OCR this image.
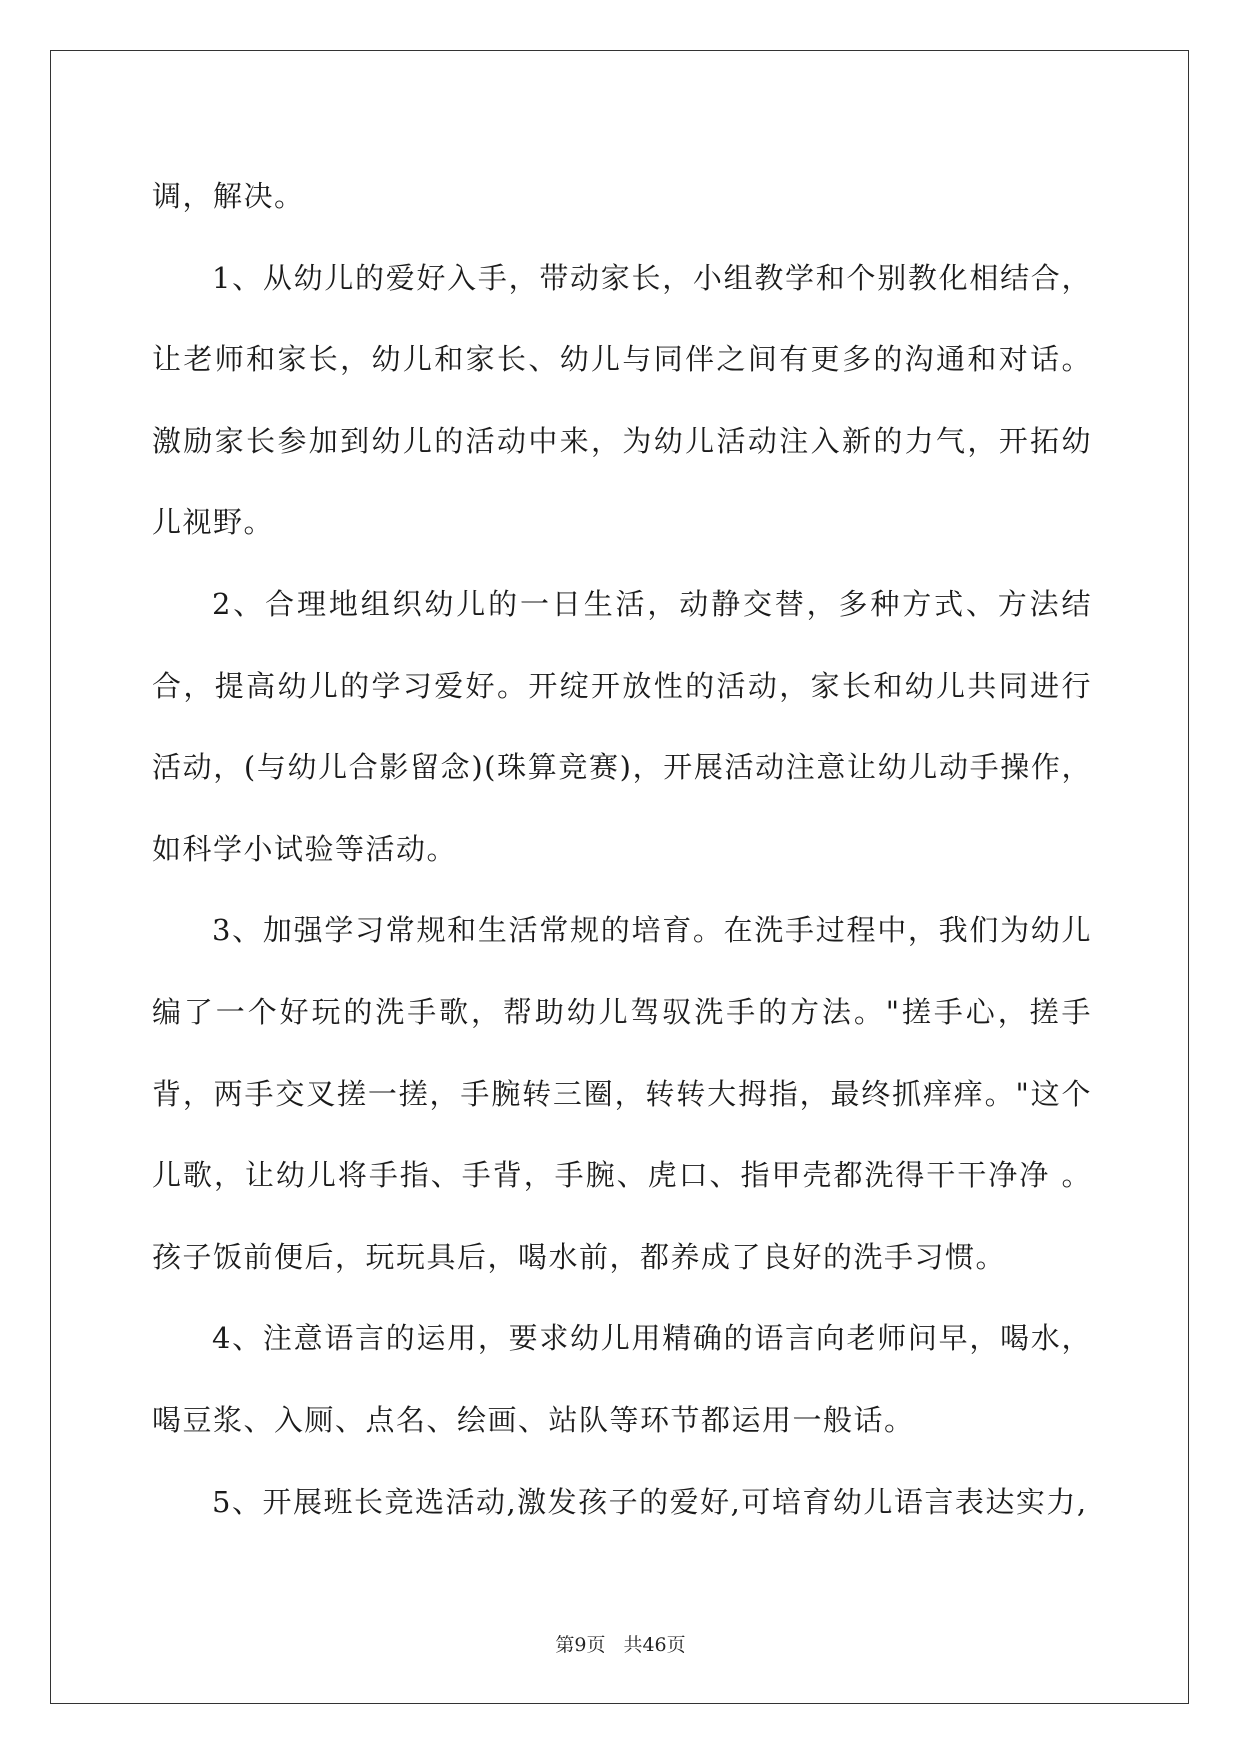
调，解决。

1、从幼儿的爱好入手，带动家长，小组教学和个别教化相结合，让老师和家长，幼儿和家长、幼儿与同伴之间有更多的沟通和对话。激励家长参加到幼儿的活动中来，为幼儿活动注入新的力气，开拓幼儿视野。

2、合理地组织幼儿的一日生活，动静交替，多种方式、方法结合，提高幼儿的学习爱好。开绽开放性的活动，家长和幼儿共同进行活动，(与幼儿合影留念)(珠算竞赛)，开展活动注意让幼儿动手操作，如科学小试验等活动。

3、加强学习常规和生活常规的培育。在洗手过程中，我们为幼儿编了一个好玩的洗手歌，帮助幼儿驾驭洗手的方法。"搓手心，搓手背，两手交叉搓一搓，手腕转三圈，转转大拇指，最终抓痒痒。"这个儿歌，让幼儿将手指、手背，手腕、虎口、指甲壳都洗得干干净净 。孩子饭前便后，玩玩具后，喝水前，都养成了良好的洗手习惯。

4、注意语言的运用，要求幼儿用精确的语言向老师问早，喝水，喝豆浆、入厕、点名、绘画、站队等环节都运用一般话。

5、开展班长竞选活动,激发孩子的爱好,可培育幼儿语言表达实力,

第9页 共46页
